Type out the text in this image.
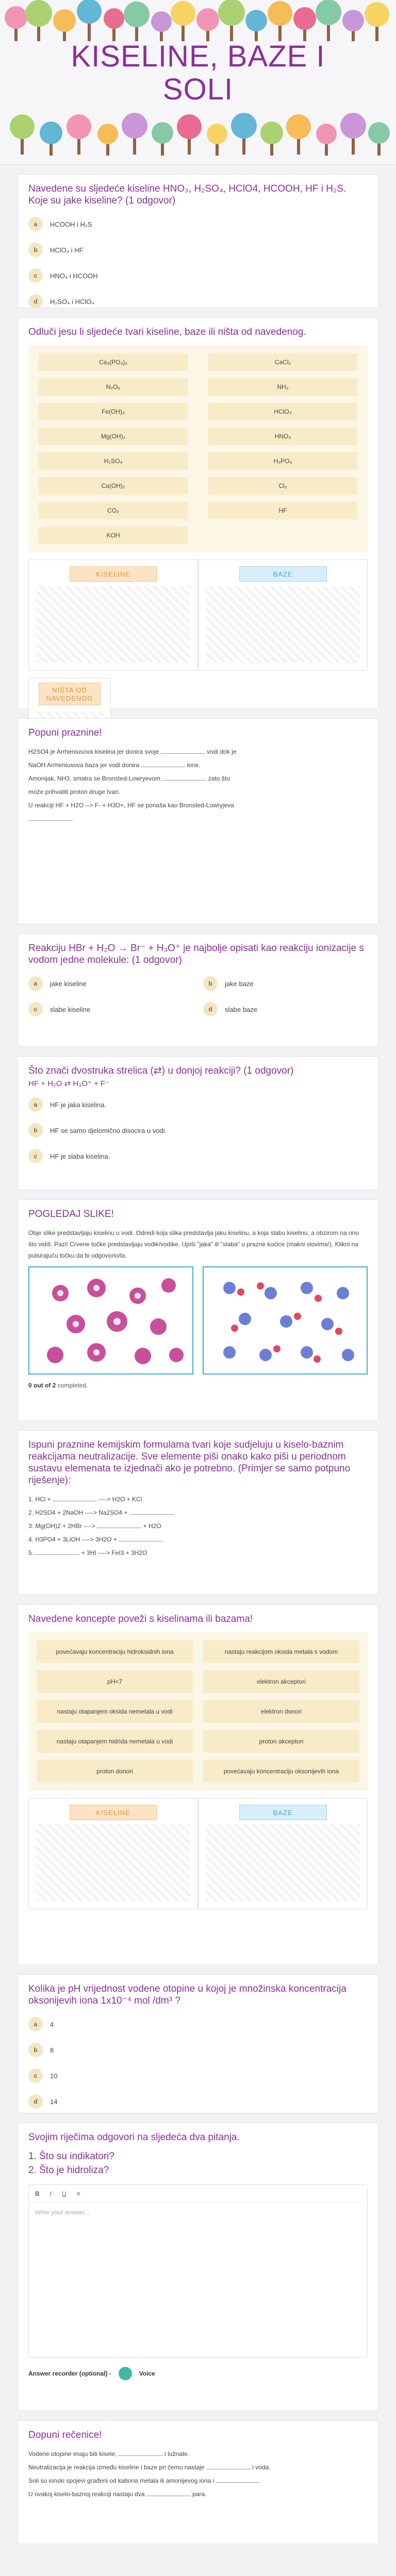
KISELINE, BAZE I
SOLI
Navedene su sljedeće kiseline HNO₃, H₂SO₄, HClO4, HCOOH, HF i H₂S. Koje su jake kiseline? (1 odgovor)
a	HCOOH i H₂S
b	HClO₄ i HF
c	HNO₃ i HCOOH
d	H₂SO₄ i HClO₄
Odluči jesu li sljedeće tvari kiseline, baze ili ništa od navedenog.
Ca₃(PO₄)₂	CaCl₂
N₂O₅	NH₃
Fe(OH)₃	HClO₃
Mg(OH)₂	HNO₃
H₂SO₄	H₃PO₄
Ca(OH)₂	Cl₂
CO₂	HF
KOH
KISELINE	BAZE
NIŠTA OD NAVEDENOG
Popuni praznine!

H2SO4 je Arrheniusova kiselina jer donira svoje	vodi dok je

NaOH Arrheniusova baza jer vodi donira	ione.

Amonijak, NH3, smatra se Bronsted-Lowryevom	zato što

može prihvatiti proton druge tvari.

U reakciji HF + H2O --> F- + H3O+, HF se ponaša kao Bronsted-Lowryjeva

Reakciju HBr + H₂O → Br⁻ + H₃O⁺ je najbolje opisati kao reakciju ionizacije s vodom jedne molekule: (1 odgovor)
a	jake kiseline	b	jake baze
c	slabe kiseline	d	slabe baze
Što znači dvostruka strelica (⇄) u donjoj reakciji? (1 odgovor)
HF + H₂O ⇄ H₃O⁺ + F⁻
a	HF je jaka kiselina.
b	HF se samo djelomično disocira u vodi.
c	HF je slaba kiselina.
POGLEDAJ SLIKE!

Obje slike predstavljaju kiselinu u vodi. Odredi koja slika predstavlja jaku kiselinu, a koja slabu kiselinu, a obzirom na ono što vidiš. Pazi! Crvene točke predstavljaju vodik/vodike. Upiši "jaka" ili "slaba" u prazne kućice (makni slovima!). Klikni na pulsirajuću točku da bi odgovorio/la.

0 out of 2 completed.
Ispuni praznine kemijskim formulama tvari koje sudjeluju u kiselo-baznim reakcijama neutralizacije. Sve elemente piši onako kako piši u periodnom sustavu elemenata te izjednači ako je potrebno. (Primjer se samo potpuno riješenje):

1. HCl +	----> H2O + KCl

2. H2SO4 + 2NaOH ----> Na2SO4 +

3. Mg(OH)2 + 2HBr ---->	+ H2O

4. H3PO4 + 3LiOH ----> 3H2O +

5.	+ 3HI ----> FeI3 + 3H2O

Navedene koncepte poveži s kiselinama ili bazama!
povećavaju koncentraciju hidroksidnih iona	nastaju reakcijom oksida metala s vodom
pH<7	elektron akceptori
nastaju otapanjem oksida nemetala u vodi	elektron donori
nastaju otapanjem hidrida nemetala u vodi	proton akceptori
proton donori	povećavaju koncentraciju oksonijevih iona
KISELINE	BAZE
Kolika je pH vrijednost vodene otopine u kojoj je množinska koncentracija oksonijevih iona 1x10⁻⁴ mol /dm³ ?
a	4
b	8
c	10
d	14
Svojim riječima odgovori na sljedeća dva pitanja.
1. Što su indikatori?
2. Što je hidroliza?
B I U ≡
Write your answer...
Answer recorder (optional) -	Voice
Dopuni rečenice!

Vodene otopine imaju biti kisele,	i lužnate.

Neutralizacija je reakcija između kiseline i baze pri čemu nastaje	i voda.

Soli su ionski spojevi građeni od kationa metala ili amonijevog iona i

U ovakoj kiselo-baznoj reakciji nastaju dva	para.
